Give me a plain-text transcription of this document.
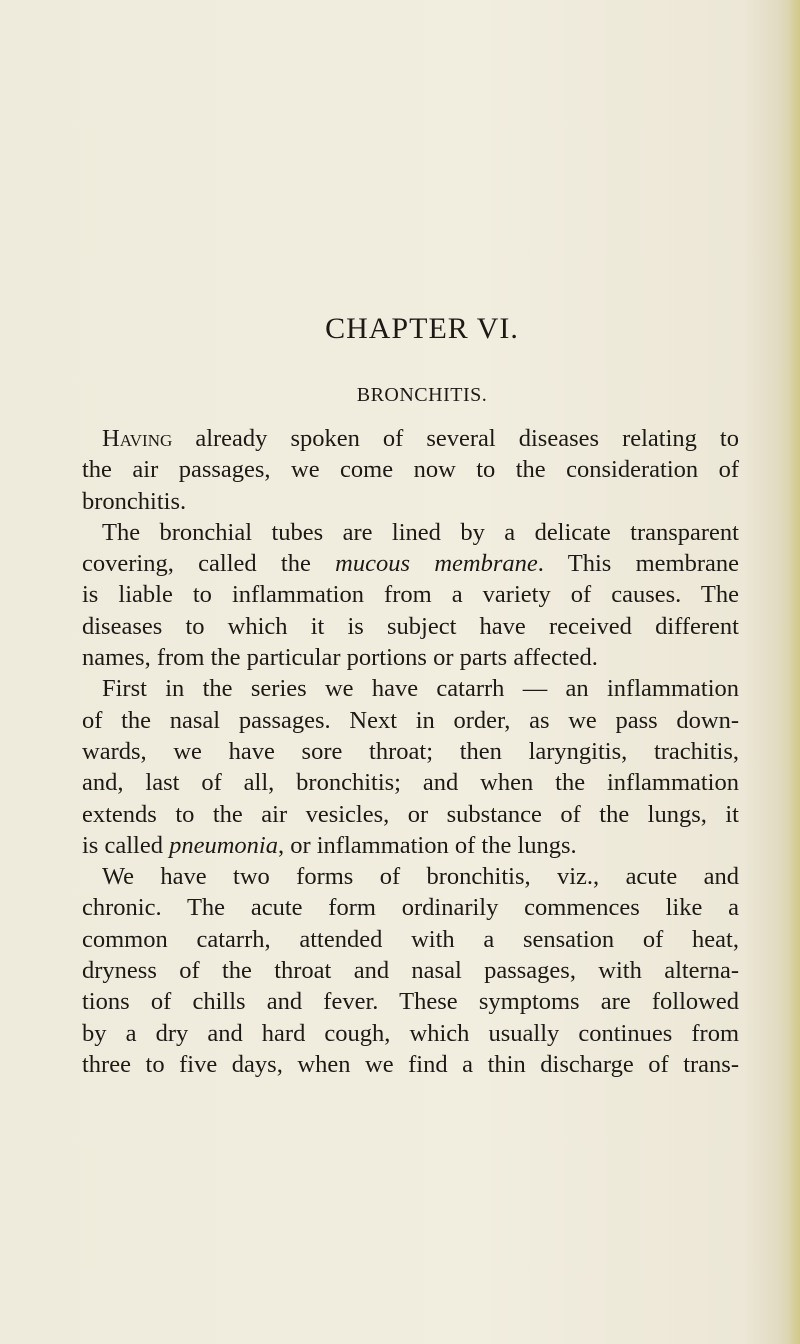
CHAPTER VI.
BRONCHITIS.
Having already spoken of several diseases relating to
the air passages, we come now to the consideration of
bronchitis.
The bronchial tubes are lined by a delicate transparent
covering, called the mucous membrane. This membrane
is liable to inflammation from a variety of causes. The
diseases to which it is subject have received different
names, from the particular portions or parts affected.
First in the series we have catarrh — an inflammation
of the nasal passages. Next in order, as we pass down-
wards, we have sore throat; then laryngitis, trachitis,
and, last of all, bronchitis; and when the inflammation
extends to the air vesicles, or substance of the lungs, it
is called pneumonia, or inflammation of the lungs.
We have two forms of bronchitis, viz., acute and
chronic. The acute form ordinarily commences like a
common catarrh, attended with a sensation of heat,
dryness of the throat and nasal passages, with alterna-
tions of chills and fever. These symptoms are followed
by a dry and hard cough, which usually continues from
three to five days, when we find a thin discharge of trans-
